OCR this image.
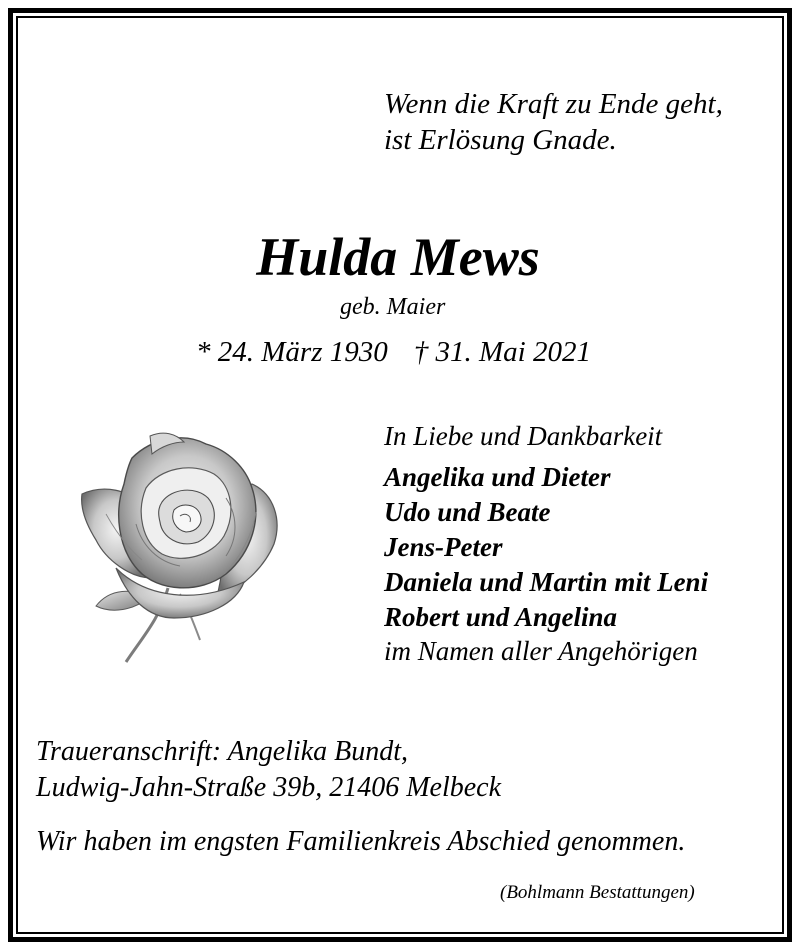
Wenn die Kraft zu Ende geht,
ist Erlösung Gnade.
Hulda Mews
geb. Maier
* 24. März 1930 † 31. Mai 2021
In Liebe und Dankbarkeit
Angelika und Dieter
Udo und Beate
Jens-Peter
Daniela und Martin mit Leni
Robert und Angelina
im Namen aller Angehörigen
Traueranschrift: Angelika Bundt,
Ludwig-Jahn-Straße 39b, 21406 Melbeck
Wir haben im engsten Familienkreis Abschied genommen.
(Bohlmann Bestattungen)
